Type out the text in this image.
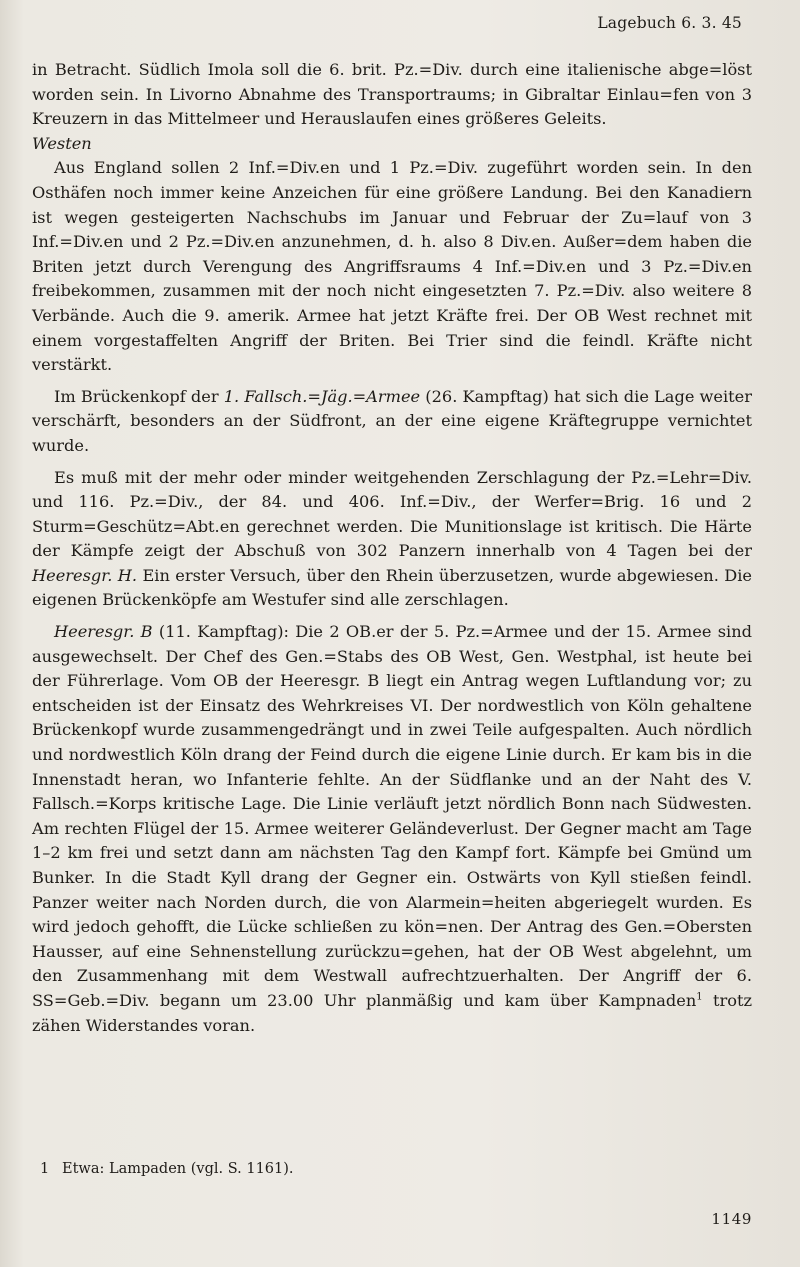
Lagebuch 6. 3. 45

in Betracht. Südlich Imola soll die 6. brit. Pz.=Div. durch eine italienische abge=löst worden sein. In Livorno Abnahme des Transportraums; in Gibraltar Einlau=fen von 3 Kreuzern in das Mittelmeer und Herauslaufen eines größeres Geleits.

Westen

Aus England sollen 2 Inf.=Div.en und 1 Pz.=Div. zugeführt worden sein. In den Osthäfen noch immer keine Anzeichen für eine größere Landung. Bei den Kanadiern ist wegen gesteigerten Nachschubs im Januar und Februar der Zu=lauf von 3 Inf.=Div.en und 2 Pz.=Div.en anzunehmen, d. h. also 8 Div.en. Außer=dem haben die Briten jetzt durch Verengung des Angriffsraums 4 Inf.=Div.en und 3 Pz.=Div.en freibekommen, zusammen mit der noch nicht eingesetzten 7. Pz.=Div. also weitere 8 Verbände. Auch die 9. amerik. Armee hat jetzt Kräfte frei. Der OB West rechnet mit einem vorgestaffelten Angriff der Briten. Bei Trier sind die feindl. Kräfte nicht verstärkt.

Im Brückenkopf der 1. Fallsch.=Jäg.=Armee (26. Kampftag) hat sich die Lage weiter verschärft, besonders an der Südfront, an der eine eigene Kräftegruppe vernichtet wurde.

Es muß mit der mehr oder minder weitgehenden Zerschlagung der Pz.=Lehr=Div. und 116. Pz.=Div., der 84. und 406. Inf.=Div., der Werfer=Brig. 16 und 2 Sturm=Geschütz=Abt.en gerechnet werden. Die Munitionslage ist kritisch. Die Härte der Kämpfe zeigt der Abschuß von 302 Panzern innerhalb von 4 Tagen bei der Heeresgr. H. Ein erster Versuch, über den Rhein überzusetzen, wurde abgewiesen. Die eigenen Brückenköpfe am Westufer sind alle zerschlagen.

Heeresgr. B (11. Kampftag): Die 2 OB.er der 5. Pz.=Armee und der 15. Armee sind ausgewechselt. Der Chef des Gen.=Stabs des OB West, Gen. Westphal, ist heute bei der Führerlage. Vom OB der Heeresgr. B liegt ein Antrag wegen Luftlandung vor; zu entscheiden ist der Einsatz des Wehrkreises VI. Der nordwestlich von Köln gehaltene Brückenkopf wurde zusammengedrängt und in zwei Teile aufgespalten. Auch nördlich und nordwestlich Köln drang der Feind durch die eigene Linie durch. Er kam bis in die Innenstadt heran, wo Infanterie fehlte. An der Südflanke und an der Naht des V. Fallsch.=Korps kritische Lage. Die Linie verläuft jetzt nördlich Bonn nach Südwesten. Am rechten Flügel der 15. Armee weiterer Geländeverlust. Der Gegner macht am Tage 1–2 km frei und setzt dann am nächsten Tag den Kampf fort. Kämpfe bei Gmünd um Bunker. In die Stadt Kyll drang der Gegner ein. Ostwärts von Kyll stießen feindl. Panzer weiter nach Norden durch, die von Alarmein=heiten abgeriegelt wurden. Es wird jedoch gehofft, die Lücke schließen zu kön=nen. Der Antrag des Gen.=Obersten Hausser, auf eine Sehnenstellung zurückzu=gehen, hat der OB West abgelehnt, um den Zusammenhang mit dem Westwall aufrechtzuerhalten. Der Angriff der 6. SS=Geb.=Div. begann um 23.00 Uhr planmäßig und kam über Kampnaden$^1$ trotz zähen Widerstandes voran.

1 Etwa: Lampaden (vgl. S. 1161).
1149
